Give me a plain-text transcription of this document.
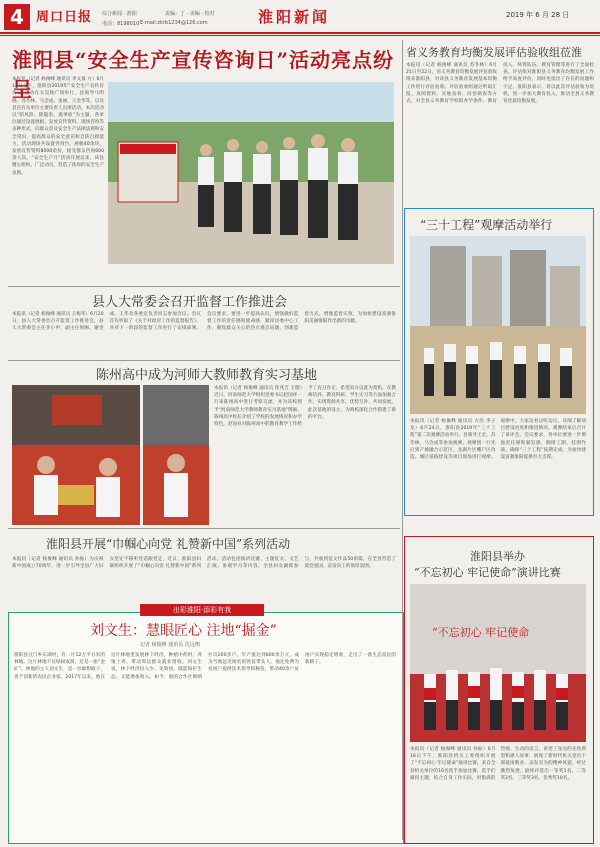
4 周口日报 综合新闻 · 淮阳	责编：丁 · 美编 · 校对
电话：8198010 ·
E-mail:zkrb1234@126.com	淮阳新闻	2019 年 6 月 28 日
淮阳县“安全生产宣传咨询日”活动亮点纷呈
本报讯（记者 杨俊峰 通讯员 李文晟 方）6月14日上午，淮阳县2019年“安全生产宣传咨询日”活动在太昊陵广场举行，县领导马明晓、苏冬林、马会成、童丽、王金华等，以及县直有关单位主要负责人出席活动。本次活动以“防风险、除隐患、遏事故”为主题，各单位通过设置展板、发放宣传资料、现场咨询等多种形式，向群众普及安全生产法律法规和安全常识，提高群众的安全意识和自防自救能力。活动现场共设置咨询台、展板40余块，发放宣传资料8000余份，接受群众咨询600余人次。“安全生产月”活动开展以来，该县精心组织，广泛动员，营造了浓厚的安全生产氛围。
县人大常委会召开监督工作推进会
本报讯（记者 杨俊峰 通讯员 王梅华）6月20日，县人大常委会召开监督工作推进会，县人大常委会主任李小申，副主任侯刚、谢金成、王华及各委室负责同志参加会议。会议首先听取了《关于对政府工作的监督报告》，并对下一阶段的监督工作进行了安排部署。会议要求，要进一步提高认识，增强做好监督工作的责任感和使命感，紧扣县委中心工作，聚焦群众关心的热点难点问题，创新监督方式，增强监督实效，为加快建设富强淮阳美丽淮阳作出新的贡献。
陈州高中成为河师大教师教育实习基地
本报讯（记者 杨俊峰 通讯员 崔兆吉 王德）近日，河南师范大学组织党委书记赵国祥一行来陈州高中进行考察交流，并为该校授予“河南师范大学教师教育实习基地”牌匾。陈州高中校长介绍了学校的发展情况和办学特色。赵国祥对陈州高中的教育教学工作给予了充分肯定，希望双方以此为契机，在教师培养、教育科研、学生实习等方面加强合作，实现资源共享、优势互补、共同发展。此次基地的设立，为两校深化合作搭建了新的平台。
淮阳县开展“巾帼心向党 礼赞新中国”系列活动
本报讯（记者 杨俊峰 通讯员 孙振）为庆祝新中国成立70周年，进一步引导全县广大妇女坚定不移听党话跟党走，近日，淮阳县妇联组织开展了“巾帼心向党 礼赞新中国”系列活动。活动包括演讲比赛、主题征文、文艺汇演、参观学习等内容，全县妇女踊跃参与，共收到征文作品50余篇，在全县营造了爱党爱国、奋发向上的浓厚氛围。
出彩淮阳·添彩有我
刘文生：慧眼匠心 注地“掘金”
记者 杨俊峰 通讯员 沈远翔
淮阳县豆门乡东湖村，有一片12万平方米的林地。这片林地不仅绿树成荫，还是一座“金矿”。林地的主人刘文生，是一位敢想敢干、善于创新的农民企业家。2017年以来，他在这片林地里发展林下经济，种植中药材、养殖土鸡，带动周边群众就业增收。刘文生说，林下经济投入少、见效快，既能保护生态，又能增加收入。如今，他的合作社吸纳社员200多户，年产值达到800余万元，成为当地远近闻名的致富带头人。他还免费为贫困户提供技术指导和种苗，带动40余户贫困户实现稳定增收，走出了一条生态富民的新路子。
省义务教育均衡发展评估验收组莅淮
本报讯（记者 杨俊峰 通讯员 苏冬林）6月21日至22日，省义务教育均衡发展评估验收组来淮阳县，对该县义务教育发展基本均衡工作进行评估验收。评估验收组通过听取汇报、查阅资料、实地查看、问卷调查等方式，对全县义务教育学校的办学条件、教育投入、师资队伍、教育管理等进行了全面检查。评估组对淮阳县义务教育均衡发展工作给予高度评价，同时也指出了存在的问题和不足。淮阳县表示，将以此次评估验收为契机，进一步加大教育投入，推动全县义务教育优质均衡发展。
“三十工程”观摩活动举行
本报讯（记者 杨俊峰 通讯员 方浩 李子龙）6月24日，淮阳县2019年“三十工程”第二次观摩活动举行。县领导王宏、苏冬林、马会成等参加观摩。观摩团一行先后到产城融合示范区、龙湖片区棚户区改造、城区道路建设等项目现场进行观摩。观摩中，大家边看边听边议，详细了解项目建设进度和推进情况。观摩结束后召开了讲评会。会议要求，各单位要进一步增强责任感和紧迫感，倒排工期，挂图作战，确保“三十工程”按期完成，为加快建设富强淮阳提供有力支撑。
淮阳县举办
“不忘初心 牢记使命”演讲比赛
“不忘初心 牢记使命
本报讯（记者 杨俊峰 通讯员 孙振）6月18日下午，淮阳县机关工委组织开展了“不忘初心 牢记使命”演讲比赛，来自全县机关单位的16名选手参加比赛。选手们紧扣主题，结合自身工作实际，用饱满的热情、生动的语言，讲述了身边的先进典型和感人故事，展现了新时代机关党员干部爱岗敬业、奋发有为的精神风貌。经过激烈角逐，最终评选出一等奖1名、二等奖2名、三等奖3名、优秀奖10名。
